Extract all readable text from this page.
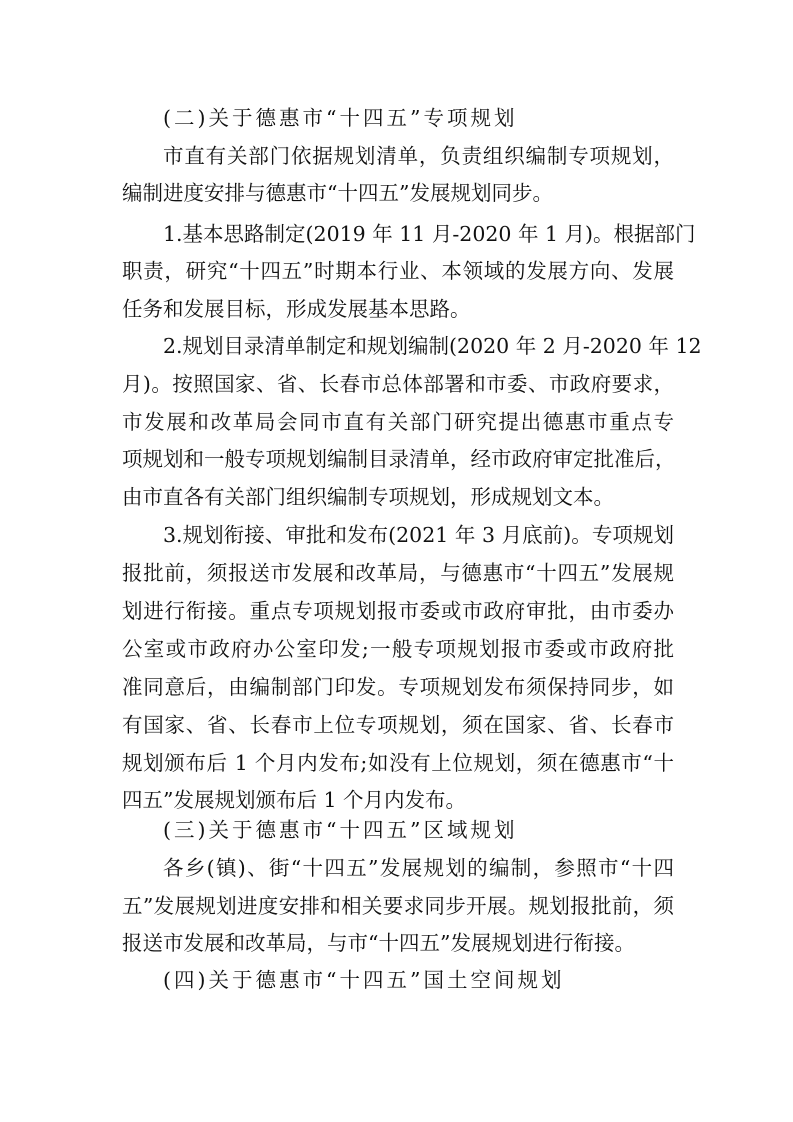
(二)关于德惠市“十四五”专项规划
市直有关部门依据规划清单，负责组织编制专项规划，
编制进度安排与德惠市“十四五”发展规划同步。
1.基本思路制定(2019 年 11 月-2020 年 1 月)。根据部门
职责，研究“十四五”时期本行业、本领域的发展方向、发展
任务和发展目标，形成发展基本思路。
2.规划目录清单制定和规划编制(2020 年 2 月-2020 年 12
月)。按照国家、省、长春市总体部署和市委、市政府要求，
市发展和改革局会同市直有关部门研究提出德惠市重点专
项规划和一般专项规划编制目录清单，经市政府审定批准后，
由市直各有关部门组织编制专项规划，形成规划文本。
3.规划衔接、审批和发布(2021 年 3 月底前)。专项规划
报批前，须报送市发展和改革局，与德惠市“十四五”发展规
划进行衔接。重点专项规划报市委或市政府审批，由市委办
公室或市政府办公室印发;一般专项规划报市委或市政府批
准同意后，由编制部门印发。专项规划发布须保持同步，如
有国家、省、长春市上位专项规划，须在国家、省、长春市
规划颁布后 1 个月内发布;如没有上位规划，须在德惠市“十
四五”发展规划颁布后 1 个月内发布。
(三)关于德惠市“十四五”区域规划
各乡(镇)、街“十四五”发展规划的编制，参照市“十四
五”发展规划进度安排和相关要求同步开展。规划报批前，须
报送市发展和改革局，与市“十四五”发展规划进行衔接。
(四)关于德惠市“十四五”国土空间规划
